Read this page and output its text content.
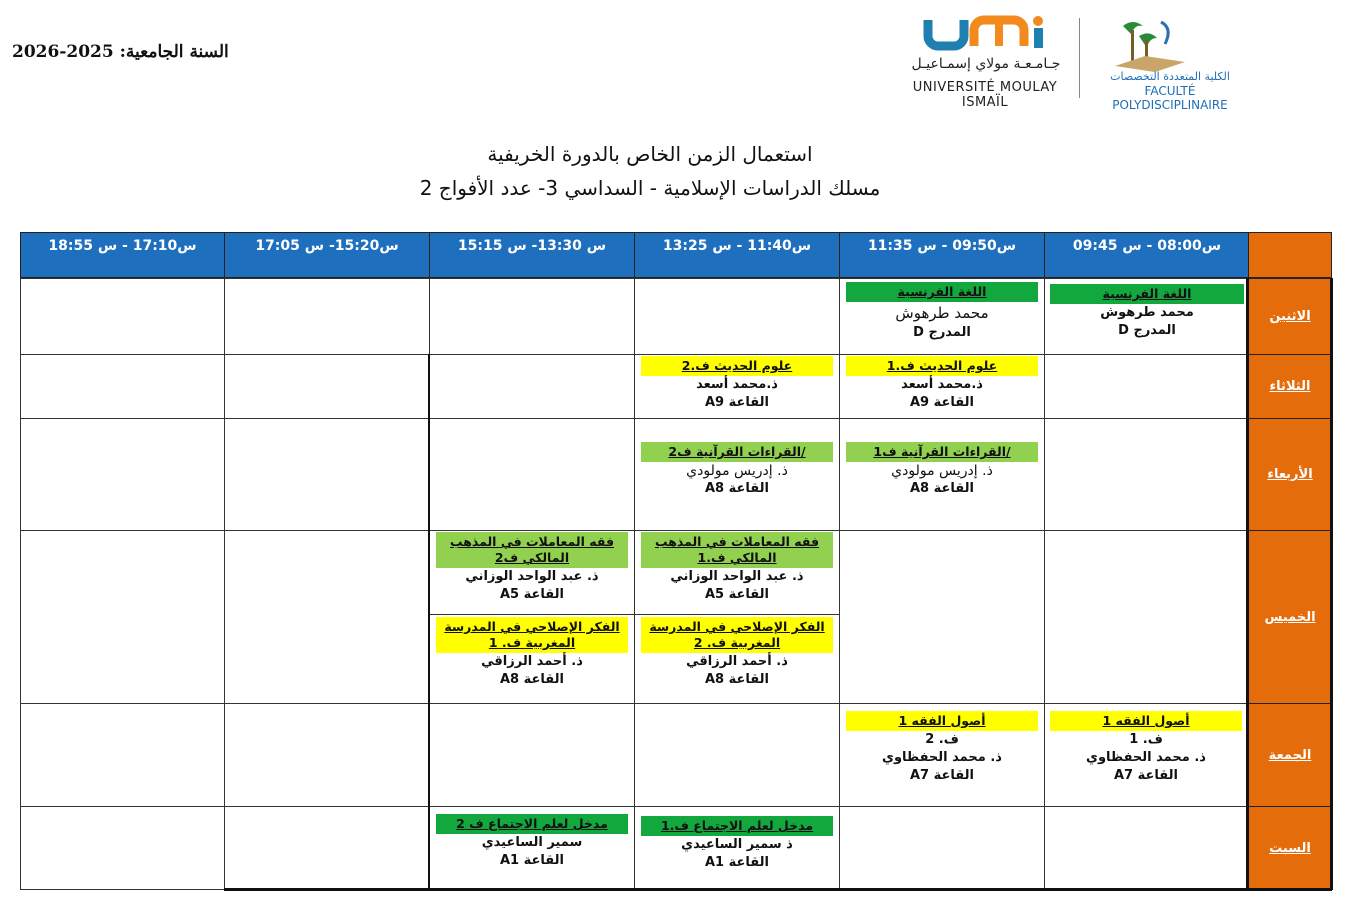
السنة الجامعية: 2025-2026
جـامـعـة مولاي إسمـاعيـل
UNIVERSITÉ MOULAY ISMAÏL
الكلية المتعددة التخصصات
FACULTÉ POLYDISCIPLINAIRE
استعمال الزمن الخاص بالدورة الخريفية
مسلك الدراسات الإسلامية - السداسي 3- عدد الأفواج 2
س08:00 - س 09:45
س09:50 - س 11:35
س11:40 - س 13:25
س 13:30- س 15:15
س15:20- س 17:05
س17:10 - س 18:55
الاثنين
الثلاثاء
الأربعاء
الخميس
الجمعة
السبت
اللغة الفرنسية
محمد طرهوش
المدرج D
اللغة الفرنسية
محمد طرهوش
المدرج D
علوم الحديث ف.1
ذ.محمد أسعد
القاعة A9
علوم الحديث ف.2
ذ.محمد أسعد
القاعة A9
/القراءات القرآنية ف1
ذ. إدريس مولودي
القاعة A8
/القراءات القرآنية ف2
ذ. إدريس مولودي
القاعة A8
فقه المعاملات في المذهب المالكي ف.1
ذ. عبد الواحد الوزاني
القاعة A5
فقه المعاملات في المذهب المالكي ف2
ذ. عبد الواحد الوزاني
القاعة A5
الفكر الإصلاحي في المدرسة المغربية ف. 2
ذ. أحمد الرزاقي
القاعة A8
الفكر الإصلاحي في المدرسة المغربية ف. 1
ذ. أحمد الرزاقي
القاعة A8
أصول الفقه 1
ف. 1
ذ. محمد الحفظاوي
القاعة A7
أصول الفقه 1
ف. 2
ذ. محمد الحفظاوي
القاعة A7
مدخل لعلم الاجتماع ف.1
ذ سمير الساعيدي
القاعة A1
مدخل لعلم الاجتماع ف 2
سمير الساعيدي
القاعة A1
